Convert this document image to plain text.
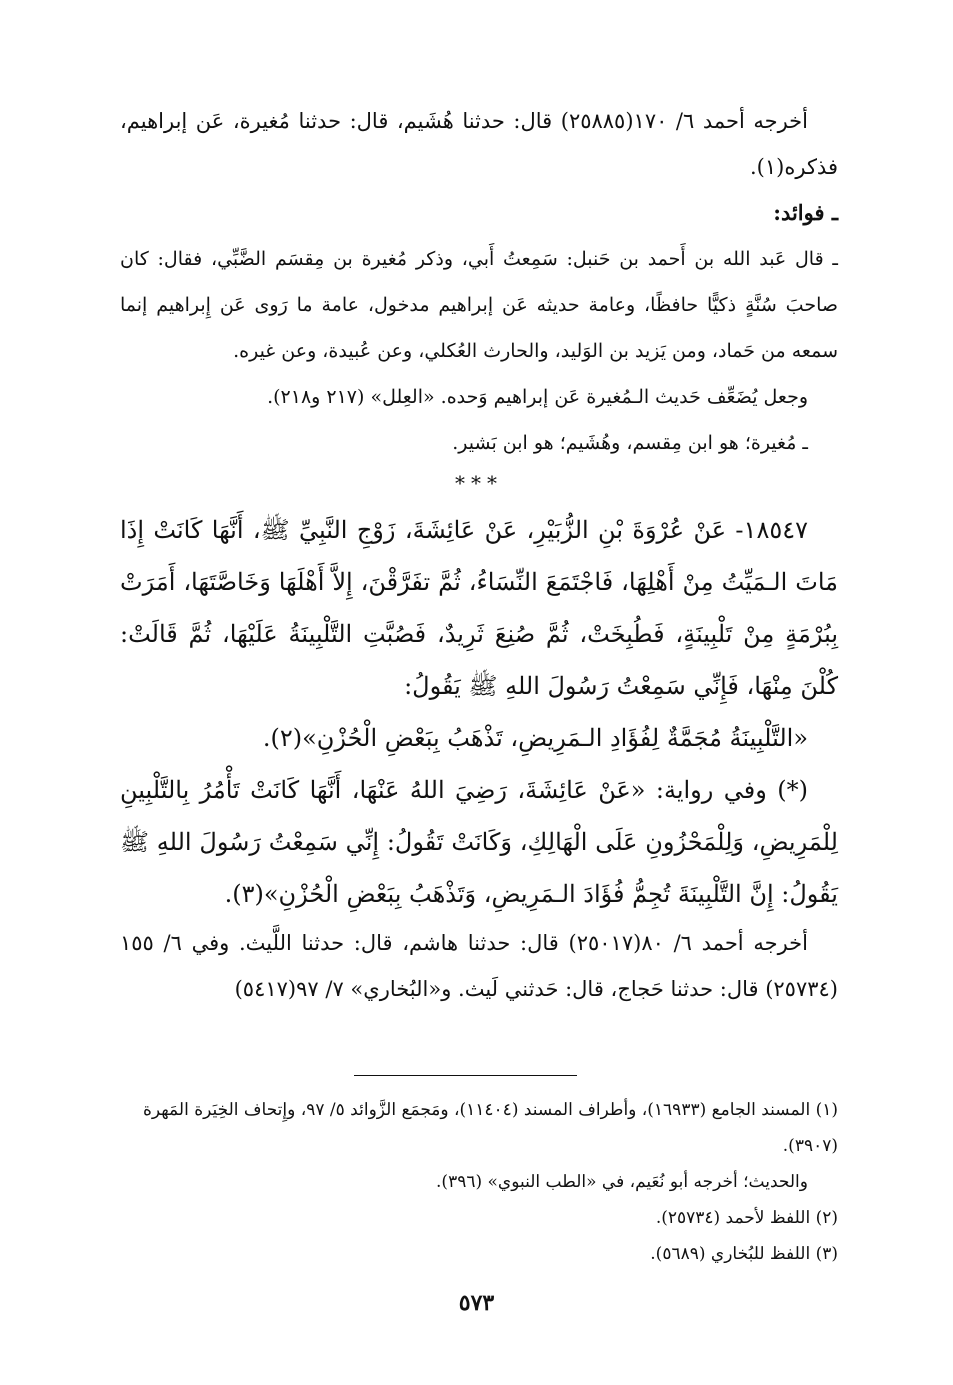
أخرجه أحمد ٦/ ١٧٠(٢٥٨٨٥) قال: حدثنا هُشَيم، قال: حدثنا مُغيرة، عَن إبراهيم، فذكره(١).

ـ فوائد:

ـ قال عَبد الله بن أَحمد بن حَنبل: سَمِعتُ أَبي، وذكر مُغيرة بن مِقسَم الضَّبِّي، فقال: كان صاحبَ سُنَّةٍ ذكيًّا حافظًا، وعامة حديثه عَن إبراهيم مدخول، عامة ما رَوى عَن إِبراهيم إنما سمعه من حَماد، ومن يَزيد بن الوَليد، والحارث العُكلي، وعن عُبيدة، وعن غيره.

وجعل يُضَعِّف حَديث الـمُغيرة عَن إبراهيم وَحده. «العِلل» (٢١٧ و٢١٨).

ـ مُغيرة؛ هو ابن مِقسم، وهُشَيم؛ هو ابن بَشير.

***

١٨٥٤٧- عَنْ عُرْوَةَ بْنِ الزُّبَيْرِ، عَنْ عَائِشَةَ، زَوْجِ النَّبِيِّ ﷺ، أَنَّهَا كَانَتْ إِذَا مَاتَ الـمَيِّتُ مِنْ أَهْلِهَا، فَاجْتَمَعَ النِّسَاءُ، ثُمَّ تفَرَّقْنَ، إِلاَّ أَهْلَهَا وَخَاصَّتَهَا، أَمَرَتْ بِبُرْمَةٍ مِنْ تَلْبِينَةٍ، فَطُبِخَتْ، ثُمَّ صُنِعَ ثَرِيدٌ، فَصُبَّتِ التَّلْبِينَةُ عَلَيْهَا، ثُمَّ قَالَتْ: كُلْنَ مِنْهَا، فَإِنِّي سَمِعْتُ رَسُولَ اللهِ ﷺ يَقُولُ:

«التَّلْبِينَةُ مُجَمَّةٌ لِفُؤَادِ الـمَرِيضِ، تَذْهَبُ بِبَعْضِ الْحُزْنِ»(٢).

(*) وفي رواية: «عَنْ عَائِشَةَ، رَضِيَ اللهُ عَنْهَا، أَنَّهَا كَانَتْ تَأْمُرُ بِالتَّلْبِينِ لِلْمَرِيضِ، وَلِلْمَحْزُونِ عَلَى الْهَالِكِ، وَكَانَتْ تَقُولُ: إِنِّي سَمِعْتُ رَسُولَ اللهِ ﷺ يَقُولُ: إِنَّ التَّلْبِينَةَ تُجِمُّ فُؤَادَ الـمَرِيضِ، وَتَذْهَبُ بِبَعْضِ الْحُزْنِ»(٣).

أخرجه أحمد ٦/ ٨٠(٢٥٠١٧) قال: حدثنا هاشم، قال: حدثنا اللَّيث. وفي ٦/ ١٥٥ (٢٥٧٣٤) قال: حدثنا حَجاج، قال: حَدثني لَيث. و«البُخاري» ٧/ ٩٧(٥٤١٧)

(١) المسند الجامع (١٦٩٣٣)، وأطراف المسند (١١٤٠٤)، ومَجمَع الزَّوائد ٥/ ٩٧، وإِتحاف الخِيَرة المَهرة (٣٩٠٧).

والحديث؛ أخرجه أبو نُعَيم، في «الطب النبوي» (٣٩٦).

(٢) اللفظ لأحمد (٢٥٧٣٤).

(٣) اللفظ للبُخاري (٥٦٨٩).

٥٧٣
